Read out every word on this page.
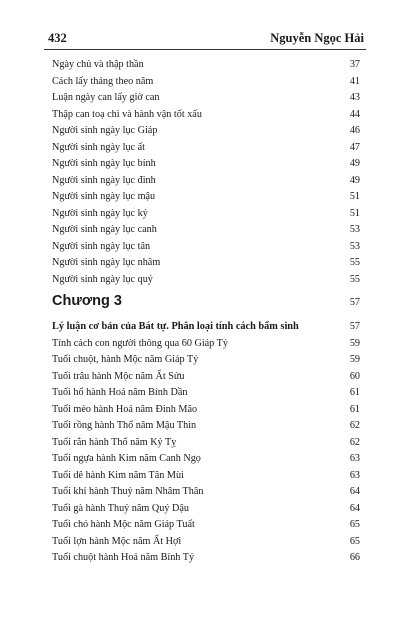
432	Nguyễn Ngọc Hải
Ngày chủ và thập thần	37
Cách lấy tháng theo năm	41
Luận ngày can lấy giờ can	43
Thập can toạ chi và hành vận tốt xấu	44
Người sinh ngày lục Giáp	46
Người sinh ngày lục ất	47
Người sinh ngày lục bính	49
Người sinh ngày lục đinh	49
Người sinh ngày lục mậu	51
Người sinh ngày lục kỷ	51
Người sinh ngày lục canh	53
Người sinh ngày lục tân	53
Người sinh ngày lục nhâm	55
Người sinh ngày lục quý	55
Chương 3	57
Lý luận cơ bản của Bát tự. Phân loại tính cách bẩm sinh	57
Tính cách con người thông qua 60 Giáp Tý	59
Tuổi chuột, hành Mộc năm Giáp Tý	59
Tuổi trâu hành Mộc năm Ất Sửu	60
Tuổi hổ hành Hoả năm Bính Dần	61
Tuổi mèo hành Hoả năm Đinh Mão	61
Tuổi rồng hành Thổ năm Mậu Thìn	62
Tuổi rắn hành Thổ năm Kỷ Tỵ	62
Tuổi ngựa hành Kim năm Canh Ngọ	63
Tuổi dê hành Kim năm Tân Mùi	63
Tuổi khỉ hành Thuỷ năm Nhâm Thân	64
Tuổi gà hành Thuỷ năm Quý Dậu	64
Tuổi chó hành Mộc năm Giáp Tuất	65
Tuổi lợn hành Mộc năm Ất Hợi	65
Tuổi chuột hành Hoả năm Bính Tý	66
